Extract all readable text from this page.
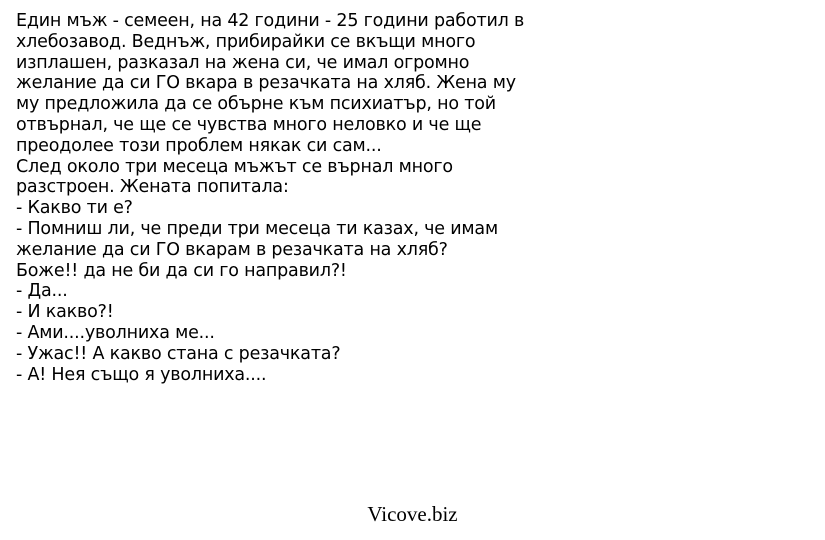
Един мъж - семеен, на 42 години - 25 години работил в
хлебозавод. Веднъж, прибирайки се вкъщи много
изплашен, разказал на жена си, че имал огромно
желание да си ГО вкара в резачката на хляб. Жена му
му предложила да се обърне към психиатър, но той
отвърнал, че ще се чувства много неловко и че ще
преодолее този проблем някак си сам...
След около три месеца мъжът се върнал много
разстроен. Жената попитала:
- Какво ти е?
- Помниш ли, че преди три месеца ти казах, че имам
желание да си ГО вкарам в резачката на хляб?
Боже!! да не би да си го направил?!
- Да...
- И какво?!
- Ами....уволниха ме...
- Ужас!! А какво стана с резачката?
- А! Нея също я уволниха....
Vicove.biz
